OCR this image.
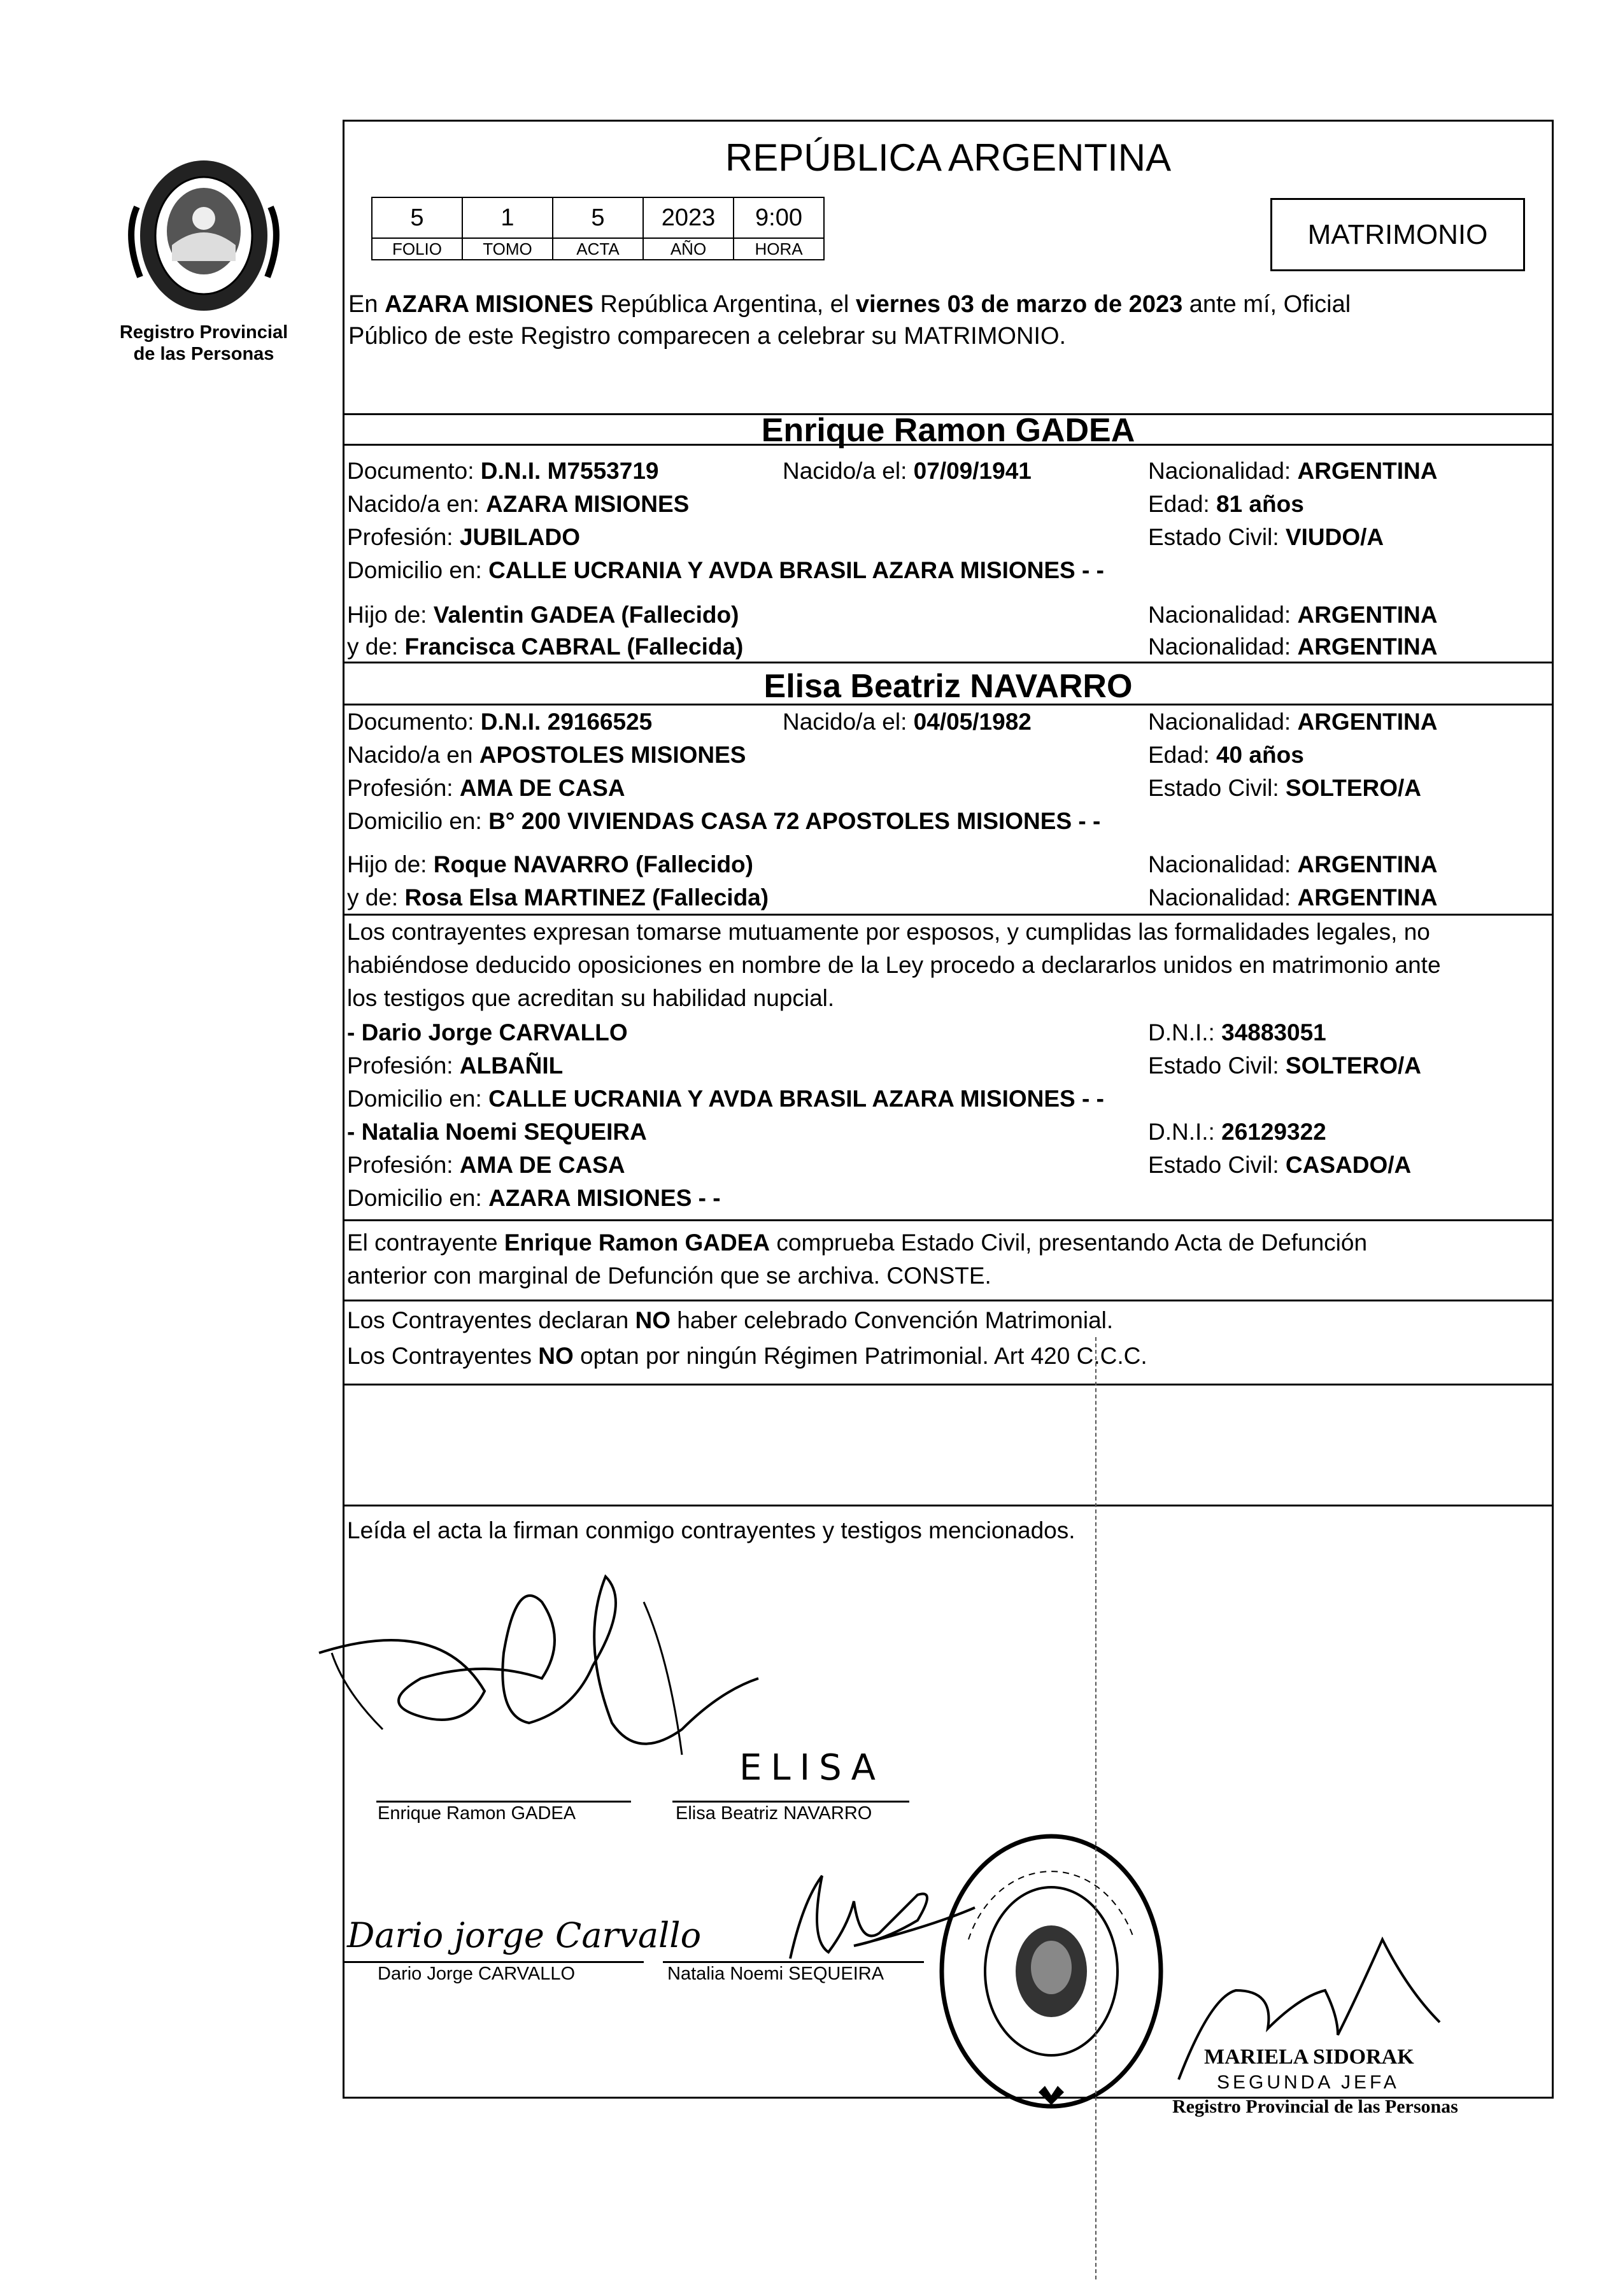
Registro Provincial
de las Personas
REPÚBLICA ARGENTINA
5	1	5	2023	9:00
FOLIO	TOMO	ACTA	AÑO	HORA	MATRIMONIO
En AZARA MISIONES República Argentina, el viernes 03 de marzo de 2023 ante mí, Oficial
Público de este Registro comparecen a celebrar su MATRIMONIO.
Enrique Ramon GADEA
Documento: D.N.I. M7553719	Nacido/a el: 07/09/1941	Nacionalidad: ARGENTINA
Nacido/a en: AZARA MISIONES	Edad: 81 años
Profesión: JUBILADO	Estado Civil: VIUDO/A
Domicilio en: CALLE UCRANIA Y AVDA BRASIL AZARA MISIONES - -
Hijo de: Valentin GADEA (Fallecido)	Nacionalidad: ARGENTINA
y de: Francisca CABRAL (Fallecida)	Nacionalidad: ARGENTINA
Elisa Beatriz NAVARRO
Documento: D.N.I. 29166525	Nacido/a el: 04/05/1982	Nacionalidad: ARGENTINA
Nacido/a en APOSTOLES MISIONES	Edad: 40 años
Profesión: AMA DE CASA	Estado Civil: SOLTERO/A
Domicilio en: B° 200 VIVIENDAS CASA 72 APOSTOLES MISIONES - -
Hijo de: Roque NAVARRO (Fallecido)	Nacionalidad: ARGENTINA
y de: Rosa Elsa MARTINEZ (Fallecida)	Nacionalidad: ARGENTINA
Los contrayentes expresan tomarse mutuamente por esposos, y cumplidas las formalidades legales, no
habiéndose deducido oposiciones en nombre de la Ley procedo a declararlos unidos en matrimonio ante
los testigos que acreditan su habilidad nupcial.
- Dario Jorge CARVALLO	D.N.I.: 34883051
Profesión: ALBAÑIL	Estado Civil: SOLTERO/A
Domicilio en: CALLE UCRANIA Y AVDA BRASIL AZARA MISIONES - -
- Natalia Noemi SEQUEIRA	D.N.I.: 26129322
Profesión: AMA DE CASA	Estado Civil: CASADO/A
Domicilio en: AZARA MISIONES - -
El contrayente Enrique Ramon GADEA comprueba Estado Civil, presentando Acta de Defunción
anterior con marginal de Defunción que se archiva. CONSTE.
Los Contrayentes declaran NO haber celebrado Convención Matrimonial.
Los Contrayentes NO optan por ningún Régimen Patrimonial. Art 420 C.C.C.
Leída el acta la firman conmigo contrayentes y testigos mencionados.
Enrique Ramon GADEA	Elisa Beatriz NAVARRO
ELISA
Dario Jorge CARVALLO
Dario jorge Carvallo
Natalia Noemi SEQUEIRA
MARIELA SIDORAK
SEGUNDA JEFA
Registro Provincial de las Personas
